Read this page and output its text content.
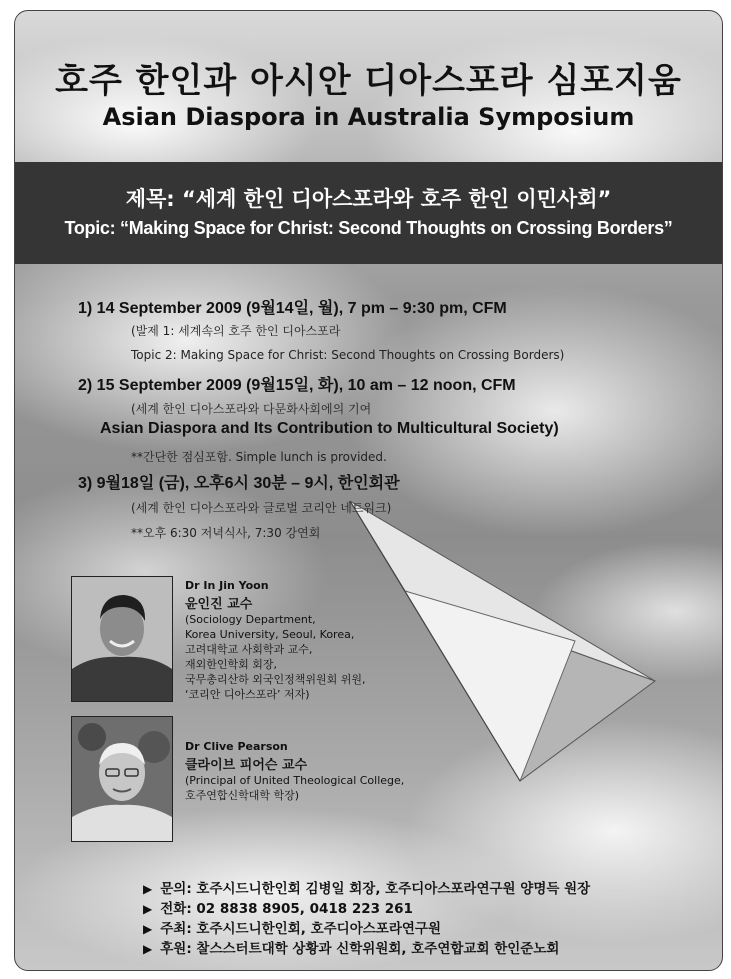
호주 한인과 아시안 디아스포라 심포지움
Asian Diaspora in Australia Symposium
제목: “세계 한인 디아스포라와 호주 한인 이민사회”
Topic: “Making Space for Christ: Second Thoughts on Crossing Borders”
1) 14 September 2009 (9월14일, 월), 7 pm – 9:30 pm, CFM
(발제 1: 세계속의 호주 한인 디아스포라
Topic 2: Making Space for Christ: Second Thoughts on Crossing Borders)
2) 15 September 2009 (9월15일, 화), 10 am – 12 noon, CFM
(세계 한인 디아스포라와 다문화사회에의 기여
Asian Diaspora and Its Contribution to Multicultural Society)
**간단한 점심포함. Simple lunch is provided.
3) 9월18일 (금), 오후6시 30분 – 9시, 한인회관
(세계 한인 디아스포라와 글로벌 코리안 네트워크)
**오후 6:30 저녁식사, 7:30 강연회
Dr In Jin Yoon
윤인진 교수
(Sociology Department,
Korea University, Seoul, Korea,
고려대학교 사회학과 교수,
재외한인학회 회장,
국무총리산하 외국인정책위원회 위원,
‘코리안 디아스포라’ 저자)
Dr Clive Pearson
클라이브 피어슨 교수
(Principal of United Theological College,
호주연합신학대학 학장)
▶ 문의: 호주시드니한인회 김병일 회장, 호주디아스포라연구원 양명득 원장
▶ 전화: 02 8838 8905, 0418 223 261
▶ 주최: 호주시드니한인회, 호주디아스포라연구원
▶ 후원: 찰스스터트대학 상황과 신학위원회, 호주연합교회 한인준노회
